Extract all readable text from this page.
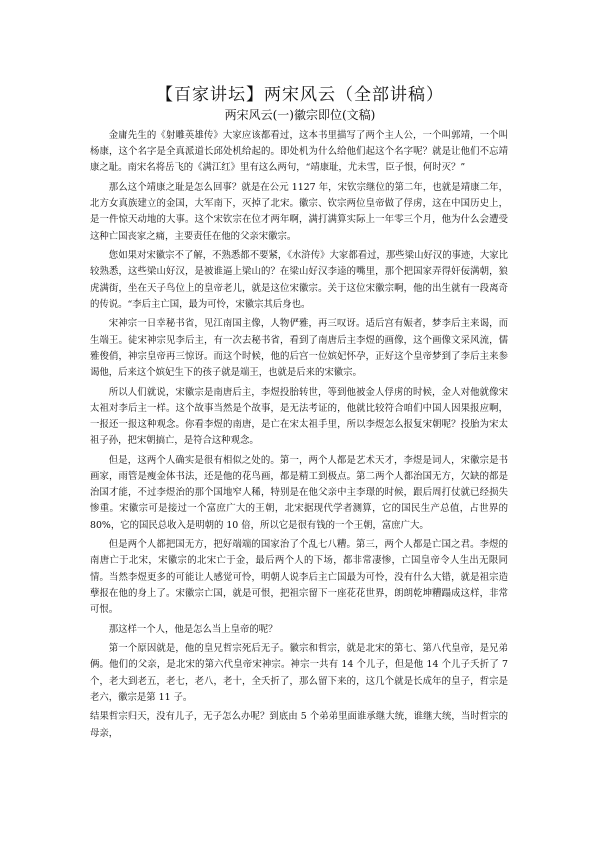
【百家讲坛】两宋风云（全部讲稿）
两宋风云(一)徽宗即位(文稿)

金庸先生的《射雕英雄传》大家应该都看过，这本书里描写了两个主人公，一个叫郭靖，一个叫杨康，这个名字是全真派道长邱处机给起的。即处机为什么给他们起这个名字呢？就是让他们不忘靖康之耻。南宋名将岳飞的《满江红》里有这么两句，“靖康耻，尤未雪，臣子恨，何时灭？”

那么这个靖康之耻是怎么回事？就是在公元 1127 年，宋钦宗继位的第二年，也就是靖康二年，北方女真族建立的金国，大军南下，灭掉了北宋。徽宗、钦宗两位皇帝做了俘虏，这在中国历史上，是一件惊天动地的大事。这个宋钦宗在位才两年啊，满打满算实际上一年零三个月，他为什么会遭受这种亡国丧家之痛，主要责任在他的父亲宋徽宗。

您如果对宋徽宗不了解，不熟悉都不要紧，《水浒传》大家都看过，那些梁山好汉的事迹，大家比较熟悉，这些梁山好汉，是被谁逼上梁山的？在梁山好汉李逵的嘴里，那个把国家弄得奸佞满朝，狼虎满街，坐在天子鸟位上的皇帝老儿，就是这位宋徽宗。关于这位宋徽宗啊，他的出生就有一段离奇的传说。“李后主亡国，最为可怜，宋徽宗其后身也。

宋神宗一日幸秘书省，见江南国主像，人物俨雅，再三叹讶。适后宫有娠者，梦李后主来谒，而生端王。徒宋神宗见李后主，有一次去秘书省，看到了南唐后主李煜的画像，这个画像文采风流，儒雅俊俏，神宗皇帝再三惊讶。而这个时候，他的后宫一位嫔妃怀孕，正好这个皇帝梦到了李后主来参谒他，后来这个嫔妃生下的孩子就是端王，也就是后来的宋徽宗。

所以人们就说，宋徽宗是南唐后主，李煜投胎转世，等到他被金人俘虏的时候，金人对他就像宋太祖对李后主一样。这个故事当然是个故事，是无法考证的，他就比较符合咱们中国人因果报应啊，一报还一报这种观念。你看李煜的南唐，是亡在宋太祖手里，所以李煜怎么报复宋朝呢？投胎为宋太祖子孙，把宋朝搞亡，是符合这种观念。

但是，这两个人确实是很有相似之处的。第一，两个人都是艺术天才，李煜是词人，宋徽宗是书画家，雨管是瘦金体书法，还是他的花鸟画，都是精工到极点。第二两个人都治国无方，欠缺的都是治国才能，不过李煜治的那个国地窄人稀，特别是在他父亲中主李璟的时候，跟后周打仗就已经损失惨重。宋徽宗可是接过一个富庶广大的王朝，北宋据现代学者测算，它的国民生产总值，占世界的 80%，它的国民总收入是明朝的 10 倍，所以它是很有钱的一个王朝，富庶广大。

但是两个人都把国无方，把好端端的国家治了个乱七八糟。第三，两个人都是亡国之君。李煜的南唐亡于北宋，宋徽宗的北宋亡于金，最后两个人的下场，都非常凄惨，亡国皇帝令人生出无限同情。当然李煜更多的可能让人感觉可怜，明朝人说李后主亡国最为可怜，没有什么大错，就是祖宗造孽报在他的身上了。宋徽宗亡国，就是可恨，把祖宗留下一座花花世界，朗朗乾坤糟蹋成这样，非常可恨。

那这样一个人，他是怎么当上皇帝的呢？

第一个原因就是，他的皇兄哲宗死后无子。徽宗和哲宗，就是北宋的第七、第八代皇帝，是兄弟俩。他们的父亲，是北宋的第六代皇帝宋神宗。神宗一共有 14 个儿子，但是他 14 个儿子夭折了 7 个，老大到老五，老七，老八，老十，全夭折了，那么留下来的，这几个就是长成年的皇子，哲宗是老六，徽宗是第 11 子。

结果哲宗归天，没有儿子，无子怎么办呢？到底由 5 个弟弟里面谁承继大统，谁继大统，当时哲宗的母亲，
